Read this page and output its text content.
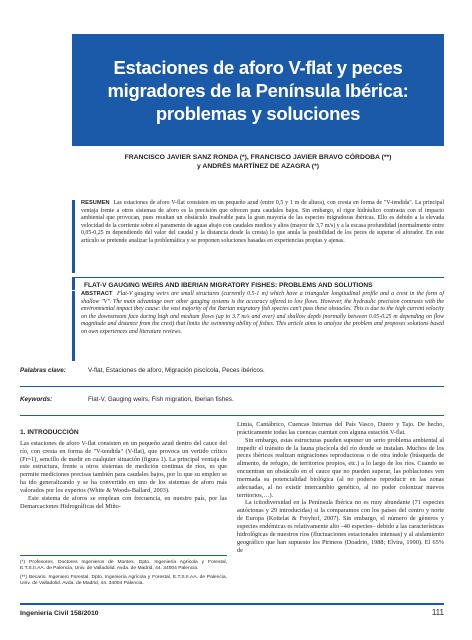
Estaciones de aforo V-flat y peces
migradores de la Península Ibérica:
problemas y soluciones
FRANCISCO JAVIER SANZ RONDA (*), FRANCISCO JAVIER BRAVO CÓRDOBA (**)
y ANDRÉS MARTÍNEZ DE AZAGRA (*)
RESUMEN Las estaciones de aforo V-flat consisten en un pequeño azud (entre 0,5 y 1 m de altura), con cresta en forma de "V-tendida". La principal ventaja frente a otros sistemas de aforo es la precisión que ofrecen para caudales bajos. Sin embargo, el rigor hidráulico contrasta con el impacto ambiental que provocan, pues resultan un obstáculo insalvable para la gran mayoría de las especies migradoras ibéricas. Ello es debido a la elevada velocidad de la corriente sobre el paramento de aguas abajo con caudales medios y altos (mayor de 3,7 m/s) y a la escasa profundidad (normalmente entre 0,05-0,25 m dependiendo del valor del caudal y la distancia desde la cresta) lo que anula la posibilidad de los peces de superar el aforador. En este artículo se pretende analizar la problemática y se proponen soluciones basadas en experiencias propias y ajenas.
FLAT-V GAUGING WEIRS AND IBERIAN MIGRATORY FISHES: PROBLEMS AND SOLUTIONS
ABSTRACT Flat-V gauging weirs are small structures (currently 0.5-1 m) which have a triangular longitudinal profile and a crest in the form of shallow "V". The main advantage over other gauging systems is the accuracy offered to low flows. However, the hydraulic precision contrasts with the environmental impact they cause: the vast majority of the Iberian migratory fish species can't pass these obstacles. This is due to the high current velocity on the downstream face during high and medium flows (up to 3.7 m/s and over) and shallow depth (normally between 0.05-0.25 m depending on flow magnitude and distance from the crest) that limits the swimming ability of fishes. This article aims to analyze the problem and proposes solutions based on own experiences and literature reviews.
Palabras clave:	V-flat, Estaciones de aforo, Migración piscícola, Peces ibéricos.
Keywords:	Flat-V, Gauging weirs, Fish migration, Iberian fishes.
1. INTRODUCCIÓN

Las estaciones de aforo V-flat consisten en un pequeño azud dentro del cauce del río, con cresta en forma de "V-tendida" (V-flat), que provoca un vertido crítico (Fr=1), sencillo de medir en cualquier situación (figura 1). La principal ventaja de este estructura, frente a otros sistemas de medición continua de ríos, es que permite mediciones precisas también para caudales bajos, por lo que su empleo se ha ido generalizando y se ha convertido en uno de los sistemas de aforo más valorados por los expertos (White & Woods-Ballard, 2003).

Este sistema de aforos se emplean con frecuencia, en nuestro país, por las Demarcaciones Hidrográficas del Miño-

(*) Profesores. Doctores Ingenieros de Montes. Dpto. Ingeniería Agrícola y Forestal, E.T.S.II.AA. de Palencia, Univ. de Valladolid. Avda. de Madrid, 44. 34004 Palencia.

(**) Becario. Ingeniero Forestal. Dpto. Ingeniería Agrícola y Forestal, E.T.S.II.AA. de Palencia, Univ. de Valladolid. Avda. de Madrid, 44. 34004 Palencia.

Limia, Cantábrico, Cuencas Internas del País Vasco, Duero y Tajo. De hecho, prácticamente todas las cuencas cuentan con alguna estación V-flat.

Sin embargo, estas estructuras pueden suponer un serio problema ambiental al impedir el tránsito de la fauna piscícola del río donde se instalan. Muchos de los peces ibéricos realizan migraciones reproductoras o de otra índole (búsqueda de alimento, de refugio, de territorios propios, etc.) a lo largo de los ríos. Cuando se encuentran un obstáculo en el cauce que no pueden superar, las poblaciones ven mermada su potencialidad biológica (al no poderse reproducir en las zonas adecuadas, al no existir intercambio genético, al no poder colonizar nuevos territorios,…).

La ictiodiversidad en la Península Ibérica no es muy abundante (71 especies autóctonas y 29 introducidas) si la comparamos con los países del centro y norte de Europa (Kottelat & Freyhof, 2007). Sin embargo, el número de géneros y especies endémicas es relativamente alto –40 especies– debido a las características hidrológicas de nuestros ríos (fluctuaciones estacionales intensas) y al aislamiento geográfico que han supuesto los Pirineos (Doadrio, 1988; Elvira, 1990). El 65% de

Ingeniería Civil 158/2010	111
